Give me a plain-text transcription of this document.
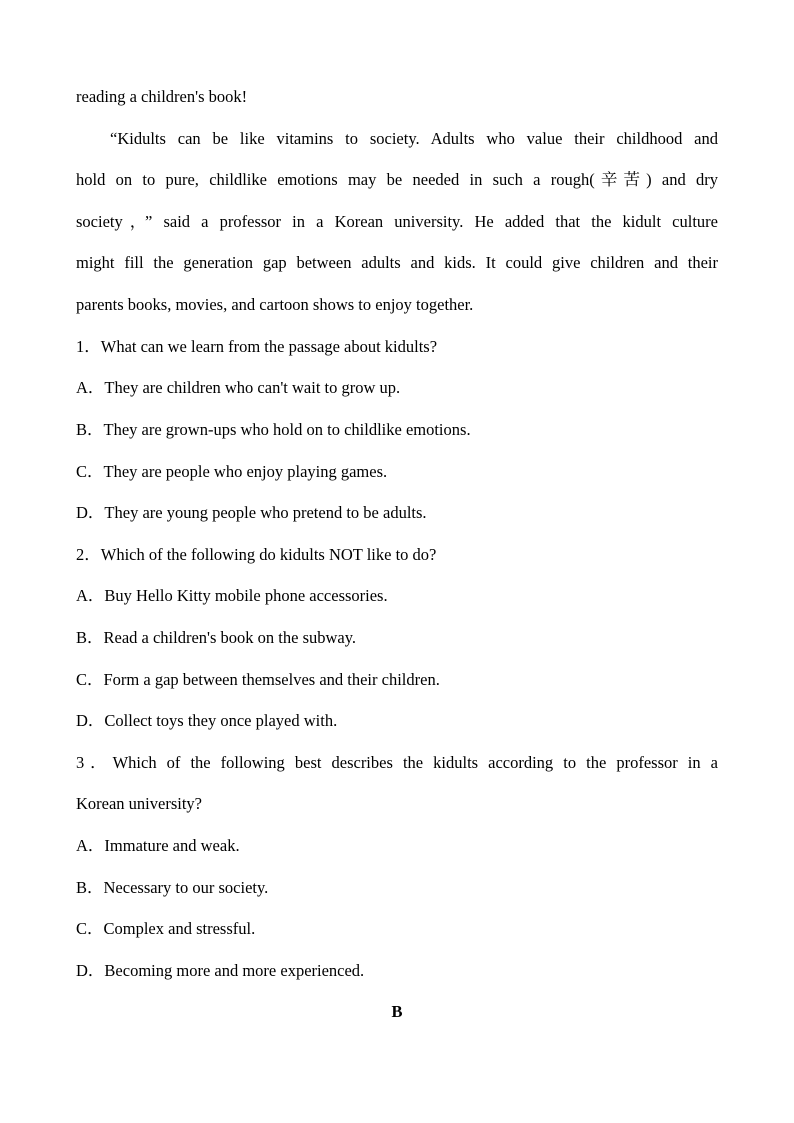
reading a children's book!
“Kidults can be like vitamins to society. Adults who value their childhood and
hold on to pure, childlike emotions may be needed in such a rough(辛苦) and dry
society，” said a professor in a Korean university. He added that the kidult culture
might fill the generation gap between adults and kids. It could give children and their
parents books, movies, and cartoon shows to enjoy together.
1．What can we learn from the passage about kidults?
A．They are children who can't wait to grow up.
B．They are grown-ups who hold on to childlike emotions.
C．They are people who enjoy playing games.
D．They are young people who pretend to be adults.
2．Which of the following do kidults NOT like to do?
A．Buy Hello Kitty mobile phone accessories.
B．Read a children's book on the subway.
C．Form a gap between themselves and their children.
D．Collect toys they once played with.
3．Which of the following best describes the kidults according to the professor in a
Korean university?
A．Immature and weak.
B．Necessary to our society.
C．Complex and stressful.
D．Becoming more and more experienced.
B
